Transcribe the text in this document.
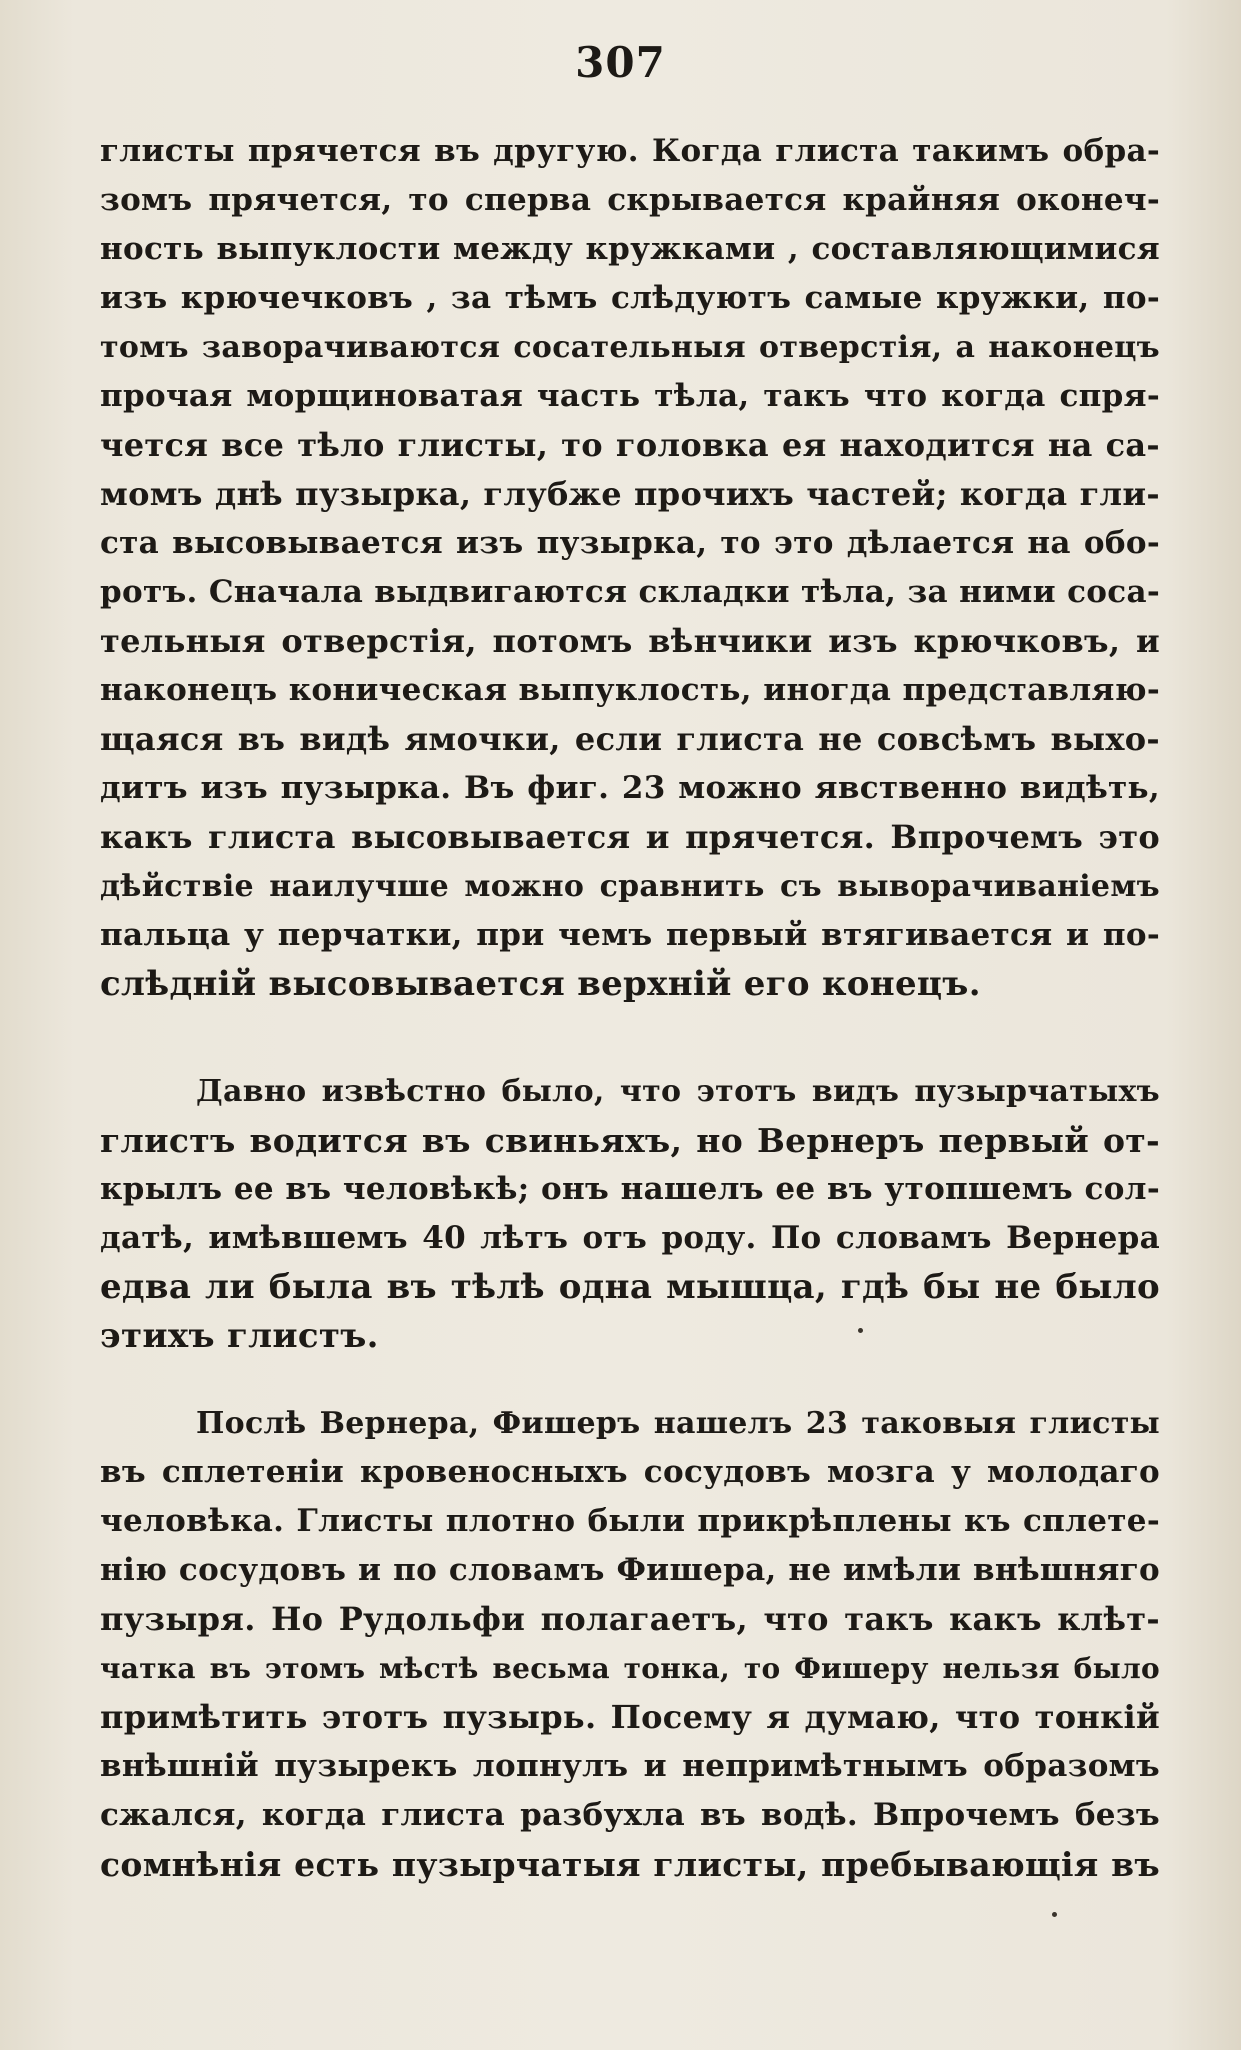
307
глисты прячется въ другую. Когда глиста такимъ обра-
зомъ прячется, то сперва скрывается крайняя оконеч-
ность выпуклости между кружками , составляющимися
изъ крючечковъ , за тѣмъ слѣдуютъ самые кружки, по-
томъ заворачиваются сосательныя отверстія, а наконецъ
прочая морщиноватая часть тѣла, такъ что когда спря-
чется все тѣло глисты, то головка ея находится на са-
момъ днѣ пузырка, глубже прочихъ частей; когда гли-
ста высовывается изъ пузырка, то это дѣлается на обо-
ротъ. Сначала выдвигаются складки тѣла, за ними соса-
тельныя отверстія, потомъ вѣнчики изъ крючковъ, и
наконецъ коническая выпуклость, иногда представляю-
щаяся въ видѣ ямочки, если глиста не совсѣмъ выхо-
дитъ изъ пузырка. Въ фиг. 23 можно явственно видѣть,
какъ глиста высовывается и прячется. Впрочемъ это
дѣйствіе наилучше можно сравнить съ выворачиваніемъ
пальца у перчатки, при чемъ первый втягивается и по-
слѣдній высовывается верхній его конецъ.
Давно извѣстно было, что этотъ видъ пузырчатыхъ
глистъ водится въ свиньяхъ, но Вернеръ первый от-
крылъ ее въ человѣкѣ; онъ нашелъ ее въ утопшемъ сол-
датѣ, имѣвшемъ 40 лѣтъ отъ роду. По словамъ Вернера
едва ли была въ тѣлѣ одна мышца, гдѣ бы не было
этихъ глистъ.
Послѣ Вернера, Фишеръ нашелъ 23 таковыя глисты
въ сплетеніи кровеносныхъ сосудовъ мозга у молодаго
человѣка. Глисты плотно были прикрѣплены къ сплете-
нію сосудовъ и по словамъ Фишера, не имѣли внѣшняго
пузыря. Но Рудольфи полагаетъ, что такъ какъ клѣт-
чатка въ этомъ мѣстѣ весьма тонка, то Фишеру нельзя было
примѣтить этотъ пузырь. Посему я думаю, что тонкій
внѣшній пузырекъ лопнулъ и непримѣтнымъ образомъ
сжался, когда глиста разбухла въ водѣ. Впрочемъ безъ
сомнѣнія есть пузырчатыя глисты, пребывающія въ
